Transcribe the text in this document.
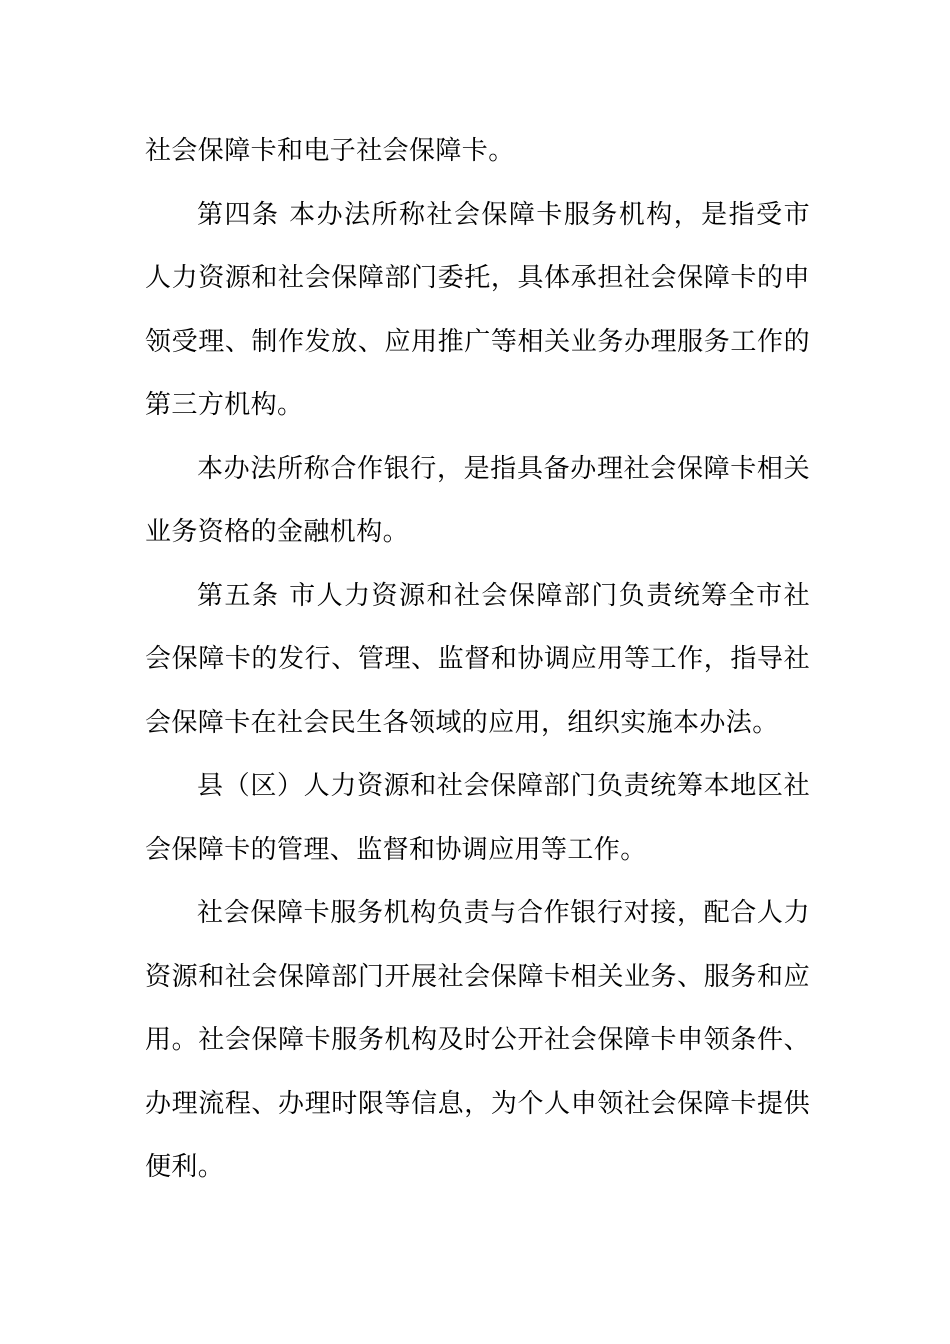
社会保障卡和电子社会保障卡。

第四条 本办法所称社会保障卡服务机构，是指受市人力资源和社会保障部门委托，具体承担社会保障卡的申领受理、制作发放、应用推广等相关业务办理服务工作的第三方机构。

本办法所称合作银行，是指具备办理社会保障卡相关业务资格的金融机构。

第五条 市人力资源和社会保障部门负责统筹全市社会保障卡的发行、管理、监督和协调应用等工作，指导社会保障卡在社会民生各领域的应用，组织实施本办法。

县（区）人力资源和社会保障部门负责统筹本地区社会保障卡的管理、监督和协调应用等工作。

社会保障卡服务机构负责与合作银行对接，配合人力资源和社会保障部门开展社会保障卡相关业务、服务和应用。社会保障卡服务机构及时公开社会保障卡申领条件、办理流程、办理时限等信息，为个人申领社会保障卡提供便利。
